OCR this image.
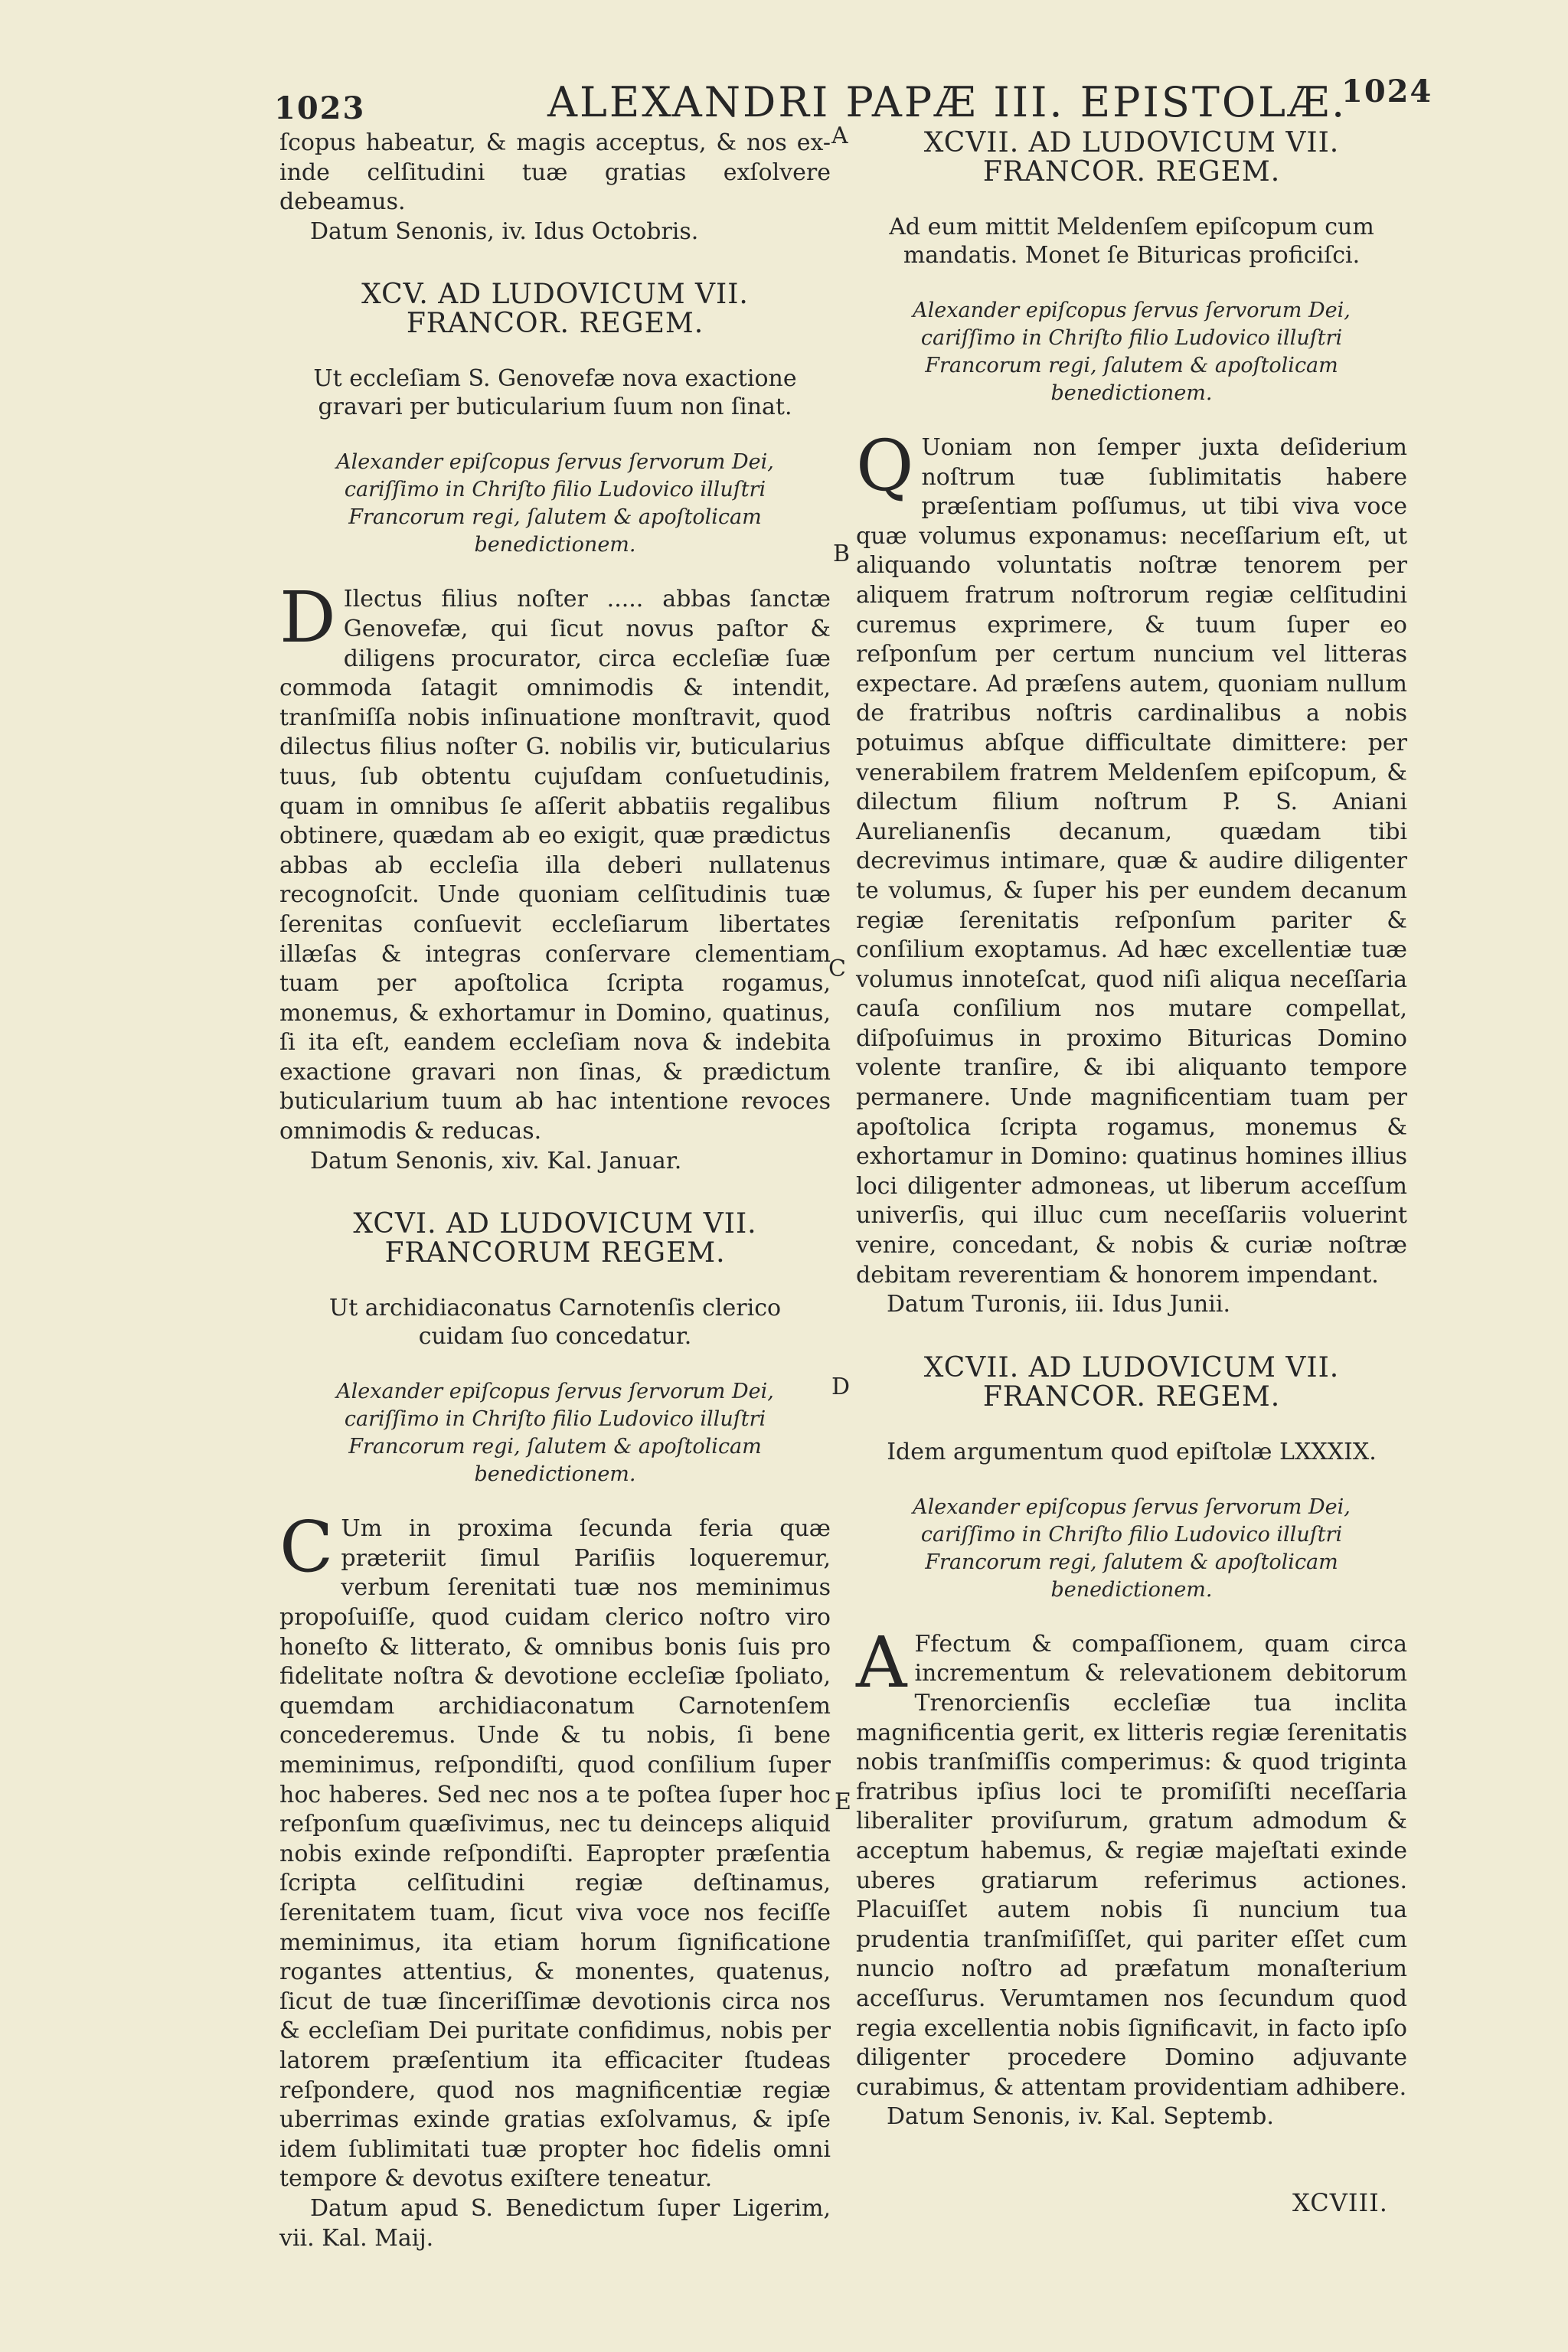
1023	ALEXANDRI PAPÆ III. EPISTOLÆ.
1024
A
B
C
D
E

ſcopus habeatur, & magis acceptus, & nos ex- inde celſitudini tuæ gratias exſolvere debeamus.

Datum Senonis, iv. Idus Octobris.

XCV. AD LUDOVICUM VII. FRANCOR. REGEM.
Ut eccleſiam S. Genovefæ nova exactione gravari per buticularium ſuum non ſinat.
Alexander epiſcopus ſervus ſervorum Dei, cariſſimo in Chriſto filio Ludovico illuſtri Francorum regi, ſalutem & apoſtolicam benedictionem.

D Ilectus filius noſter ..... abbas ſanctæ Genovefæ, qui ſicut novus paſtor & diligens procurator, circa eccleſiæ ſuæ commoda ſatagit omnimodis & intendit, tranſmiſſa nobis inſinuatione monſtravit, quod dilectus filius noſter G. nobilis vir, buticularius tuus, ſub obtentu cujuſdam conſuetudinis, quam in omnibus ſe aſſerit abbatiis regalibus obtinere, quædam ab eo exigit, quæ prædictus abbas ab eccleſia illa deberi nullatenus recognoſcit. Unde quoniam celſitudinis tuæ ſerenitas conſuevit eccleſiarum libertates illæſas & integras conſervare clementiam tuam per apoſtolica ſcripta rogamus, monemus, & exhortamur in Domino, quatinus, ſi ita eſt, eandem eccleſiam nova & indebita exactione gravari non ſinas, & prædictum buticularium tuum ab hac intentione revoces omnimodis & reducas.

Datum Senonis, xiv. Kal. Januar.

XCVI. AD LUDOVICUM VII. FRANCORUM REGEM.
Ut archidiaconatus Carnotenſis clerico cuidam ſuo concedatur.
Alexander epiſcopus ſervus ſervorum Dei, cariſſimo in Chriſto filio Ludovico illuſtri Francorum regi, ſalutem & apoſtolicam benedictionem.

C Um in proxima ſecunda feria quæ præteriit ſimul Pariſiis loqueremur, verbum ſerenitati tuæ nos meminimus propoſuiſſe, quod cuidam clerico noſtro viro honeſto & litterato, & omnibus bonis ſuis pro fidelitate noſtra & devotione eccleſiæ ſpoliato, quemdam archidiaconatum Carnotenſem concederemus. Unde & tu nobis, ſi bene meminimus, reſpondiſti, quod conſilium ſuper hoc haberes. Sed nec nos a te poſtea ſuper hoc reſponſum quæſivimus, nec tu deinceps aliquid nobis exinde reſpondiſti. Eapropter præſentia ſcripta celſitudini regiæ deſtinamus, ſerenitatem tuam, ſicut viva voce nos feciſſe meminimus, ita etiam horum ſignificatione rogantes attentius, & monentes, quatenus, ſicut de tuæ ſinceriſſimæ devotionis circa nos & eccleſiam Dei puritate confidimus, nobis per latorem præſentium ita efficaciter ſtudeas reſpondere, quod nos magnificentiæ regiæ uberrimas exinde gratias exſolvamus, & ipſe idem ſublimitati tuæ propter hoc fidelis omni tempore & devotus exiſtere teneatur.

Datum apud S. Benedictum ſuper Ligerim, vii. Kal. Maij.

XCVII. AD LUDOVICUM VII. FRANCOR. REGEM.
Ad eum mittit Meldenſem epiſcopum cum mandatis. Monet ſe Bituricas proficiſci.
Alexander epiſcopus ſervus ſervorum Dei, cariſſimo in Chriſto filio Ludovico illuſtri Francorum regi, ſalutem & apoſtolicam benedictionem.

Q Uoniam non ſemper juxta deſiderium noſtrum tuæ ſublimitatis habere præſentiam poſſumus, ut tibi viva voce quæ volumus exponamus: neceſſarium eſt, ut aliquando voluntatis noſtræ tenorem per aliquem fratrum noſtrorum regiæ celſitudini curemus exprimere, & tuum ſuper eo reſponſum per certum nuncium vel litteras expectare. Ad præſens autem, quoniam nullum de fratribus noſtris cardinalibus a nobis potuimus abſque difficultate dimittere: per venerabilem fratrem Meldenſem epiſcopum, & dilectum filium noſtrum P. S. Aniani Aurelianenſis decanum, quædam tibi decrevimus intimare, quæ & audire diligenter te volumus, & ſuper his per eundem decanum regiæ ſerenitatis reſponſum pariter & conſilium exoptamus. Ad hæc excellentiæ tuæ volumus innoteſcat, quod niſi aliqua neceſſaria cauſa conſilium nos mutare compellat, diſpoſuimus in proximo Bituricas Domino volente tranſire, & ibi aliquanto tempore permanere. Unde magnificentiam tuam per apoſtolica ſcripta rogamus, monemus & exhortamur in Domino: quatinus homines illius loci diligenter admoneas, ut liberum acceſſum univerſis, qui illuc cum neceſſariis voluerint venire, concedant, & nobis & curiæ noſtræ debitam reverentiam & honorem impendant.

Datum Turonis, iii. Idus Junii.

XCVII. AD LUDOVICUM VII. FRANCOR. REGEM.
Idem argumentum quod epiſtolæ LXXXIX.
Alexander epiſcopus ſervus ſervorum Dei, cariſſimo in Chriſto filio Ludovico illuſtri Francorum regi, ſalutem & apoſtolicam benedictionem.

A Ffectum & compaſſionem, quam circa incrementum & relevationem debitorum Trenorcienſis eccleſiæ tua inclita magnificentia gerit, ex litteris regiæ ſerenitatis nobis tranſmiſſis comperimus: & quod triginta fratribus ipſius loci te promiſiſti neceſſaria liberaliter proviſurum, gratum admodum & acceptum habemus, & regiæ majeſtati exinde uberes gratiarum referimus actiones. Placuiſſet autem nobis ſi nuncium tua prudentia tranſmiſiſſet, qui pariter eſſet cum nuncio noſtro ad præfatum monaſterium acceſſurus. Verumtamen nos ſecundum quod regia excellentia nobis ſignificavit, in facto ipſo diligenter procedere Domino adjuvante curabimus, & attentam providentiam adhibere.

Datum Senonis, iv. Kal. Septemb.

XCVIII.
